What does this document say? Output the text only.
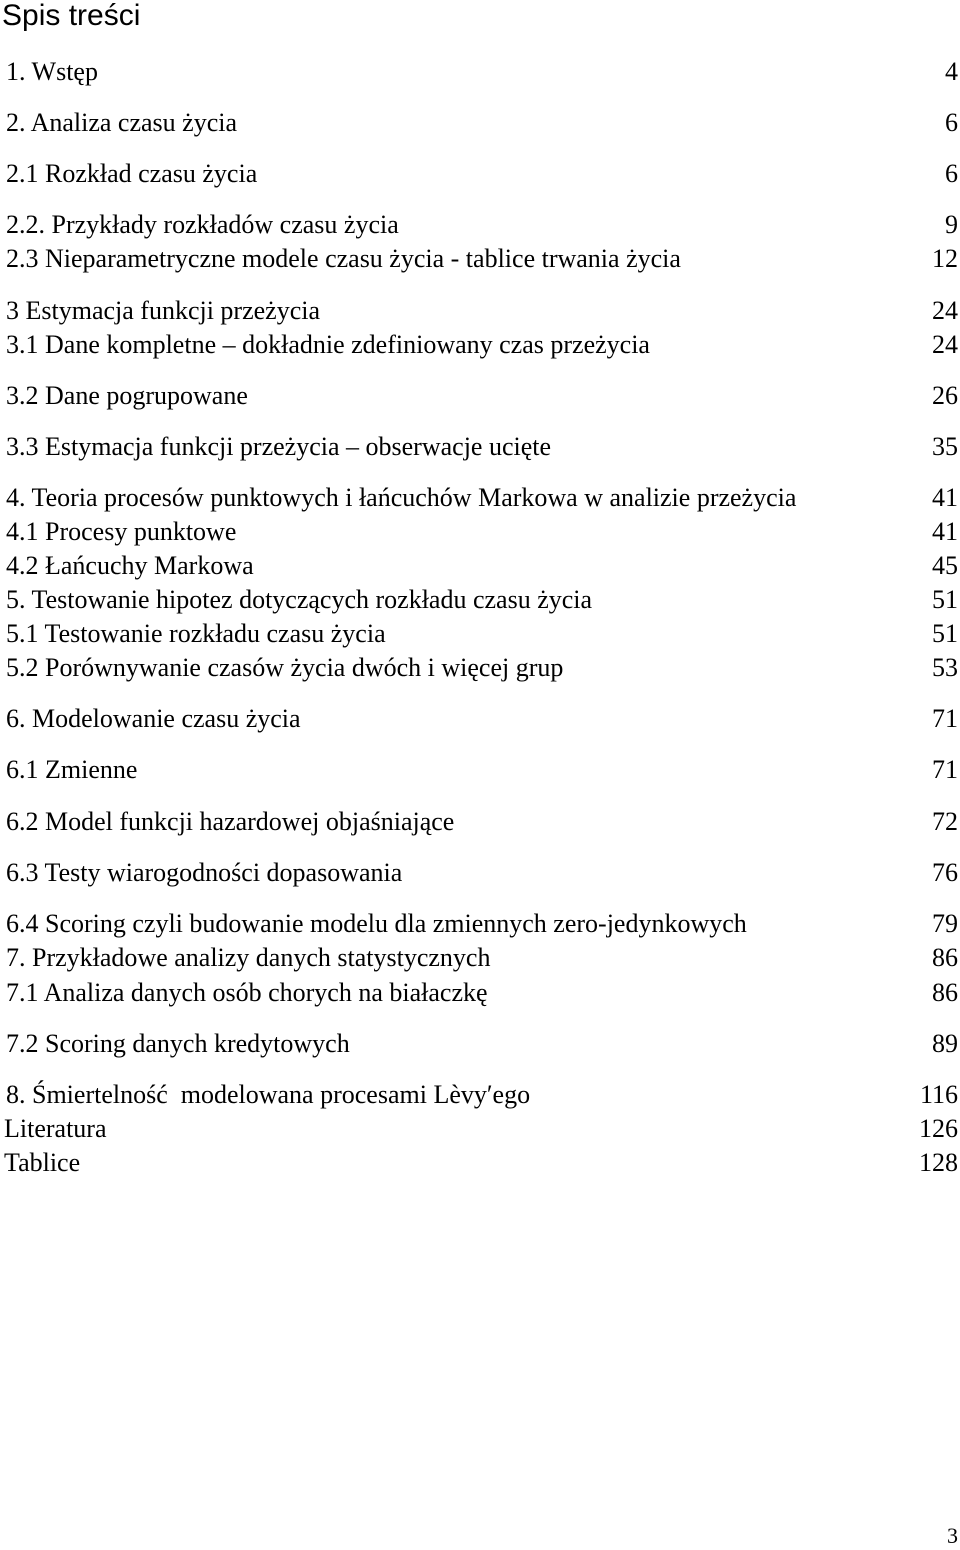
Spis treści
1. Wstęp	4
2. Analiza czasu życia	6
2.1 Rozkład czasu życia	6
2.2. Przykłady rozkładów czasu życia	9
2.3 Nieparametryczne modele czasu życia - tablice trwania życia	12
3 Estymacja funkcji przeżycia	24
3.1 Dane kompletne – dokładnie zdefiniowany czas przeżycia	24
3.2 Dane pogrupowane	26
3.3 Estymacja funkcji przeżycia – obserwacje ucięte	35
4. Teoria procesów punktowych i łańcuchów Markowa w analizie przeżycia	41
4.1 Procesy punktowe	41
4.2 Łańcuchy Markowa	45
5. Testowanie hipotez dotyczących rozkładu czasu życia	51
5.1 Testowanie rozkładu czasu życia	51
5.2 Porównywanie czasów życia dwóch i więcej grup	53
6. Modelowanie czasu życia	71
6.1 Zmienne	71
6.2 Model funkcji hazardowej objaśniające	72
6.3 Testy wiarogodności dopasowania	76
6.4 Scoring czyli budowanie modelu dla zmiennych zero-jedynkowych	79
7. Przykładowe analizy danych statystycznych	86
7.1 Analiza danych osób chorych na białaczkę	86
7.2 Scoring danych kredytowych	89
8. Śmiertelność  modelowana procesami Lèvy′ego	116
Literatura	126
Tablice	128
3
